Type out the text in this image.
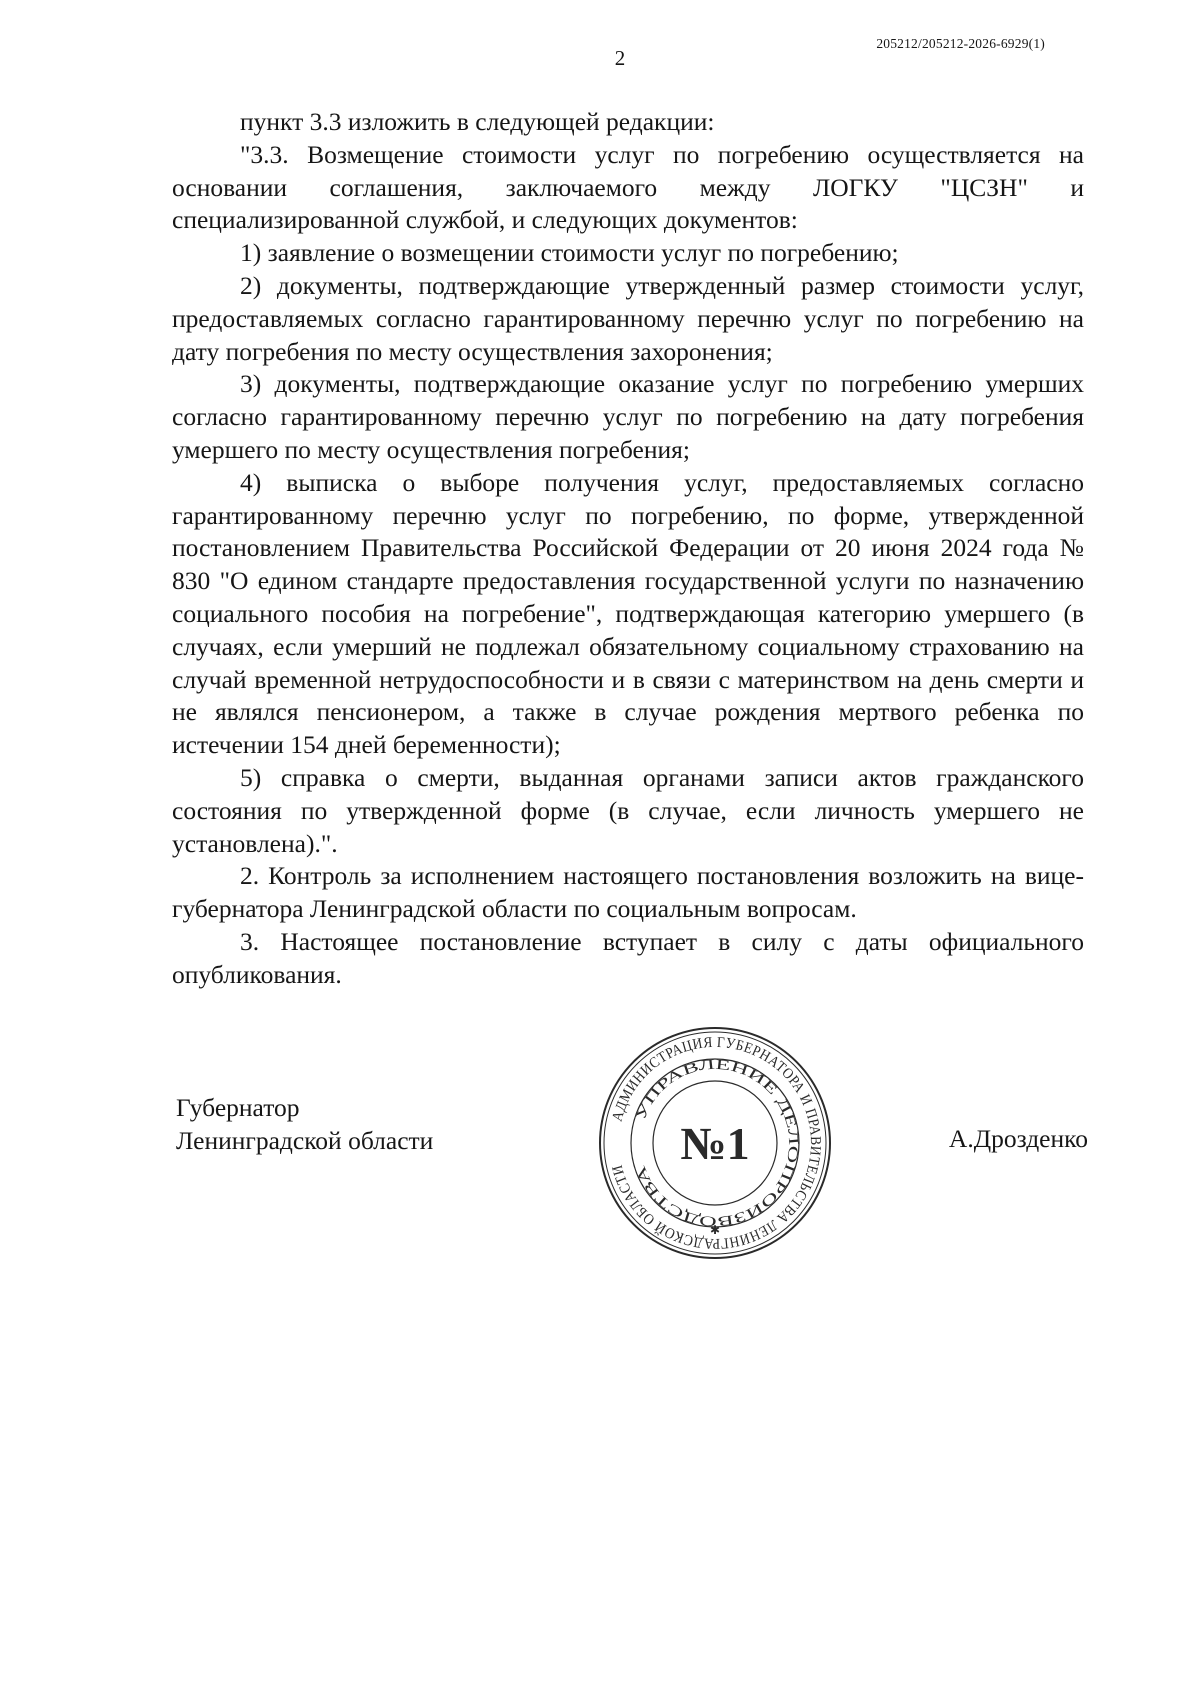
205212/205212-2026-6929(1)
2

пункт 3.3 изложить в следующей редакции:

"3.3. Возмещение стоимости услуг по погребению осуществляется на основании соглашения, заключаемого между ЛОГКУ "ЦСЗН" и специализированной службой, и следующих документов:

1) заявление о возмещении стоимости услуг по погребению;

2) документы, подтверждающие утвержденный размер стоимости услуг, предоставляемых согласно гарантированному перечню услуг по погребению на дату погребения по месту осуществления захоронения;

3) документы, подтверждающие оказание услуг по погребению умерших согласно гарантированному перечню услуг по погребению на дату погребения умершего по месту осуществления погребения;

4) выписка о выборе получения услуг, предоставляемых согласно гарантированному перечню услуг по погребению, по форме, утвержденной постановлением Правительства Российской Федерации от 20 июня 2024 года № 830 "О едином стандарте предоставления государственной услуги по назначению социального пособия на погребение", подтверждающая категорию умершего (в случаях, если умерший не подлежал обязательному социальному страхованию на случай временной нетрудоспособности и в связи с материнством на день смерти и не являлся пенсионером, а также в случае рождения мертвого ребенка по истечении 154 дней беременности);

5) справка о смерти, выданная органами записи актов гражданского состояния по утвержденной форме (в случае, если личность умершего не установлена).".

2. Контроль за исполнением настоящего постановления возложить на вице-губернатора Ленинградской области по социальным вопросам.

3. Настоящее постановление вступает в силу с даты официального опубликования.

Губернатор
Ленинградской области	А.Дрозденко
АДМИНИСТРАЦИЯ ГУБЕРНАТОРА И ПРАВИТЕЛЬСТВА ЛЕНИНГРАДСКОЙ ОБЛАСТИ
УПРАВЛЕНИЕ ДЕЛОПРОИЗВОДСТВА
№1
✱
